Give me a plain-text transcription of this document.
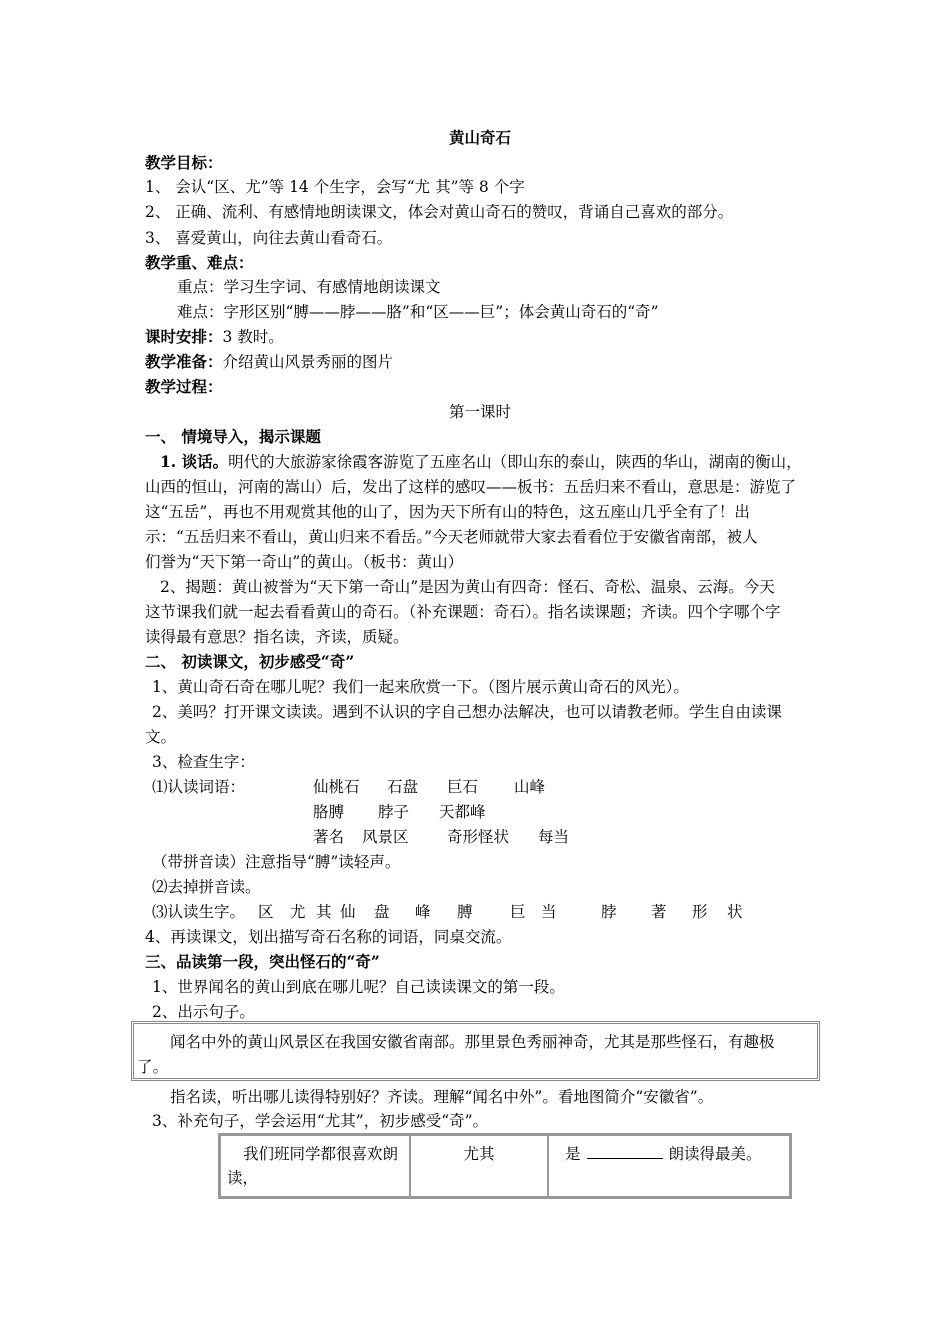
黄山奇石
教学目标：
1、 会认“区、尤”等 14 个生字，会写“尤 其”等 8 个字
2、 正确、流利、有感情地朗读课文，体会对黄山奇石的赞叹，背诵自己喜欢的部分。
3、 喜爱黄山，向往去黄山看奇石。
教学重、难点：
重点：学习生字词、有感情地朗读课文
难点：字形区别“膊——脖——胳”和“区——巨”；体会黄山奇石的“奇”
课时安排：3 教时。
教学准备：介绍黄山风景秀丽的图片
教学过程：
第一课时
一、 情境导入，揭示课题
1. 谈话。明代的大旅游家徐霞客游览了五座名山（即山东的泰山，陕西的华山，湖南的衡山，
山西的恒山，河南的嵩山）后，发出了这样的感叹——板书：五岳归来不看山，意思是：游览了
这“五岳”，再也不用观赏其他的山了，因为天下所有山的特色，这五座山几乎全有了！出
示：“五岳归来不看山，黄山归来不看岳。”今天老师就带大家去看看位于安徽省南部，被人
们誉为“天下第一奇山”的黄山。（板书：黄山）
2、揭题：黄山被誉为“天下第一奇山”是因为黄山有四奇：怪石、奇松、温泉、云海。今天
这节课我们就一起去看看黄山的奇石。（补充课题：奇石）。指名读课题；齐读。四个字哪个字
读得最有意思？指名读，齐读，质疑。
二、 初读课文，初步感受“奇”
1、黄山奇石奇在哪儿呢？我们一起来欣赏一下。（图片展示黄山奇石的风光）。
2、美吗？打开课文读读。遇到不认识的字自己想办法解决，也可以请教老师。学生自由读课
文。
3、检查生字：
⑴认读词语：	仙桃石 石盘 巨石 山峰
胳膊 脖子 天都峰
著名 风景区 奇形怪状 每当
（带拼音读）注意指导“膊”读轻声。
⑵去掉拼音读。
⑶认读生字。 区 尤 其 仙 盘 峰 膊 巨 当	脖 著 形 状
4、再读课文，划出描写奇石名称的词语，同桌交流。
三、品读第一段，突出怪石的“奇”
1、世界闻名的黄山到底在哪儿呢？自己读读课文的第一段。
2、出示句子。
闻名中外的黄山风景区在我国安徽省南部。那里景色秀丽神奇，尤其是那些怪石，有趣极
了。
指名读，听出哪儿读得特别好？齐读。理解“闻名中外”。看地图简介“安徽省”。
3、补充句子，学会运用“尤其”，初步感受“奇”。
我们班同学都很喜欢朗读，	尤其	是	朗读得最美。
